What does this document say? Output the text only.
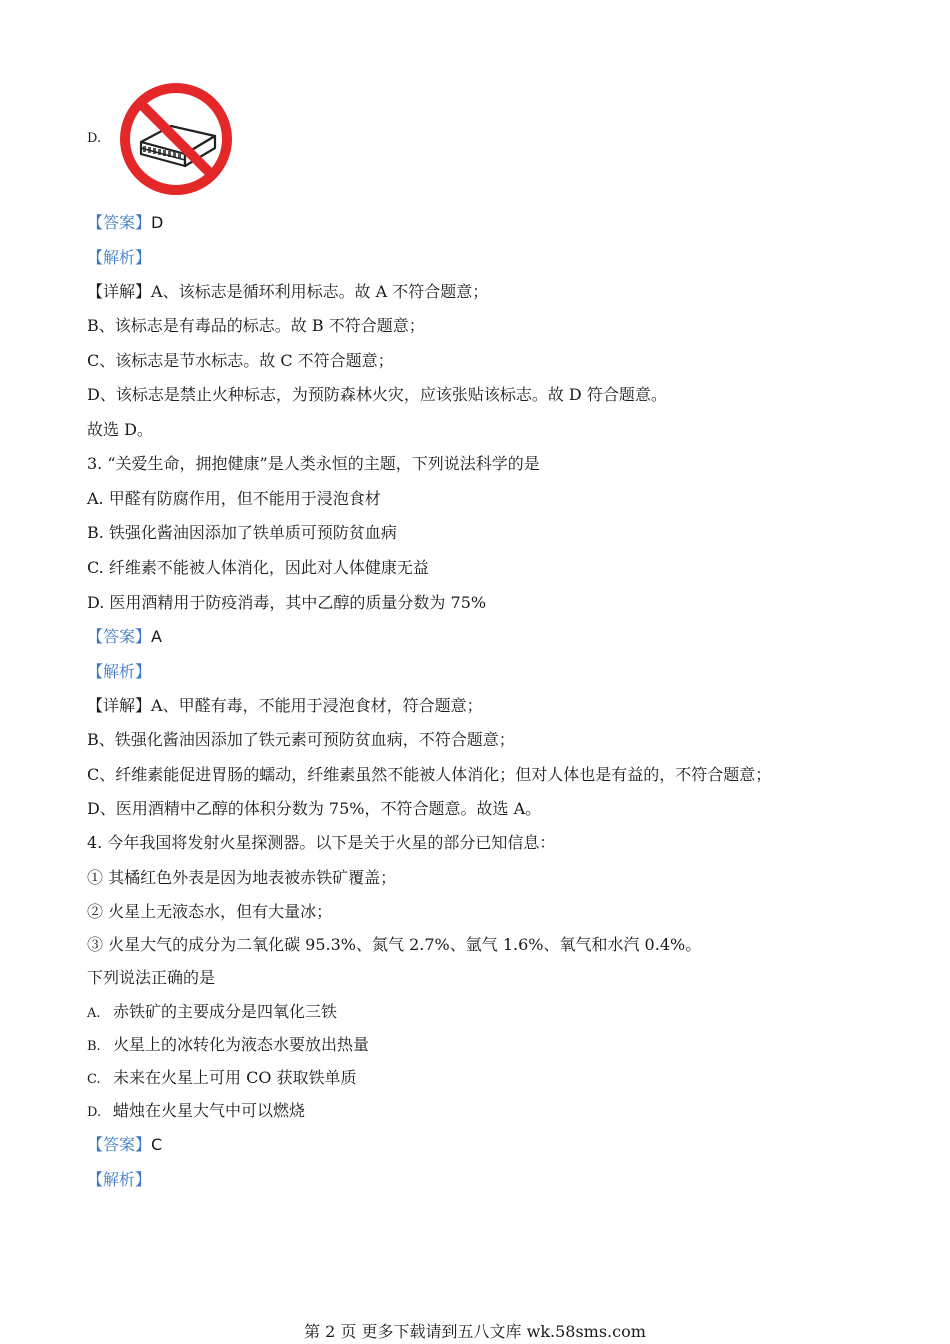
D.
【答案】D
【解析】
【详解】A、该标志是循环利用标志。故 A 不符合题意；
B、该标志是有毒品的标志。故 B 不符合题意；
C、该标志是节水标志。故 C 不符合题意；
D、该标志是禁止火种标志，为预防森林火灾，应该张贴该标志。故 D 符合题意。
故选 D。
3. “关爱生命，拥抱健康”是人类永恒的主题，下列说法科学的是
A. 甲醛有防腐作用，但不能用于浸泡食材
B. 铁强化酱油因添加了铁单质可预防贫血病
C. 纤维素不能被人体消化，因此对人体健康无益
D. 医用酒精用于防疫消毒，其中乙醇的质量分数为 75%
【答案】A
【解析】
【详解】A、甲醛有毒，不能用于浸泡食材，符合题意；
B、铁强化酱油因添加了铁元素可预防贫血病，不符合题意；
C、纤维素能促进胃肠的蠕动，纤维素虽然不能被人体消化；但对人体也是有益的，不符合题意；
D、医用酒精中乙醇的体积分数为 75%，不符合题意。故选 A。
4. 今年我国将发射火星探测器。以下是关于火星的部分已知信息：
① 其橘红色外表是因为地表被赤铁矿覆盖；
② 火星上无液态水，但有大量冰；
③ 火星大气的成分为二氧化碳 95.3%、氮气 2.7%、氩气 1.6%、氧气和水汽 0.4%。
下列说法正确的是
A. 赤铁矿的主要成分是四氧化三铁
B. 火星上的冰转化为液态水要放出热量
C. 未来在火星上可用 CO 获取铁单质
D. 蜡烛在火星大气中可以燃烧
【答案】C
【解析】
第 2 页 更多下载请到五八文库 wk.58sms.com
